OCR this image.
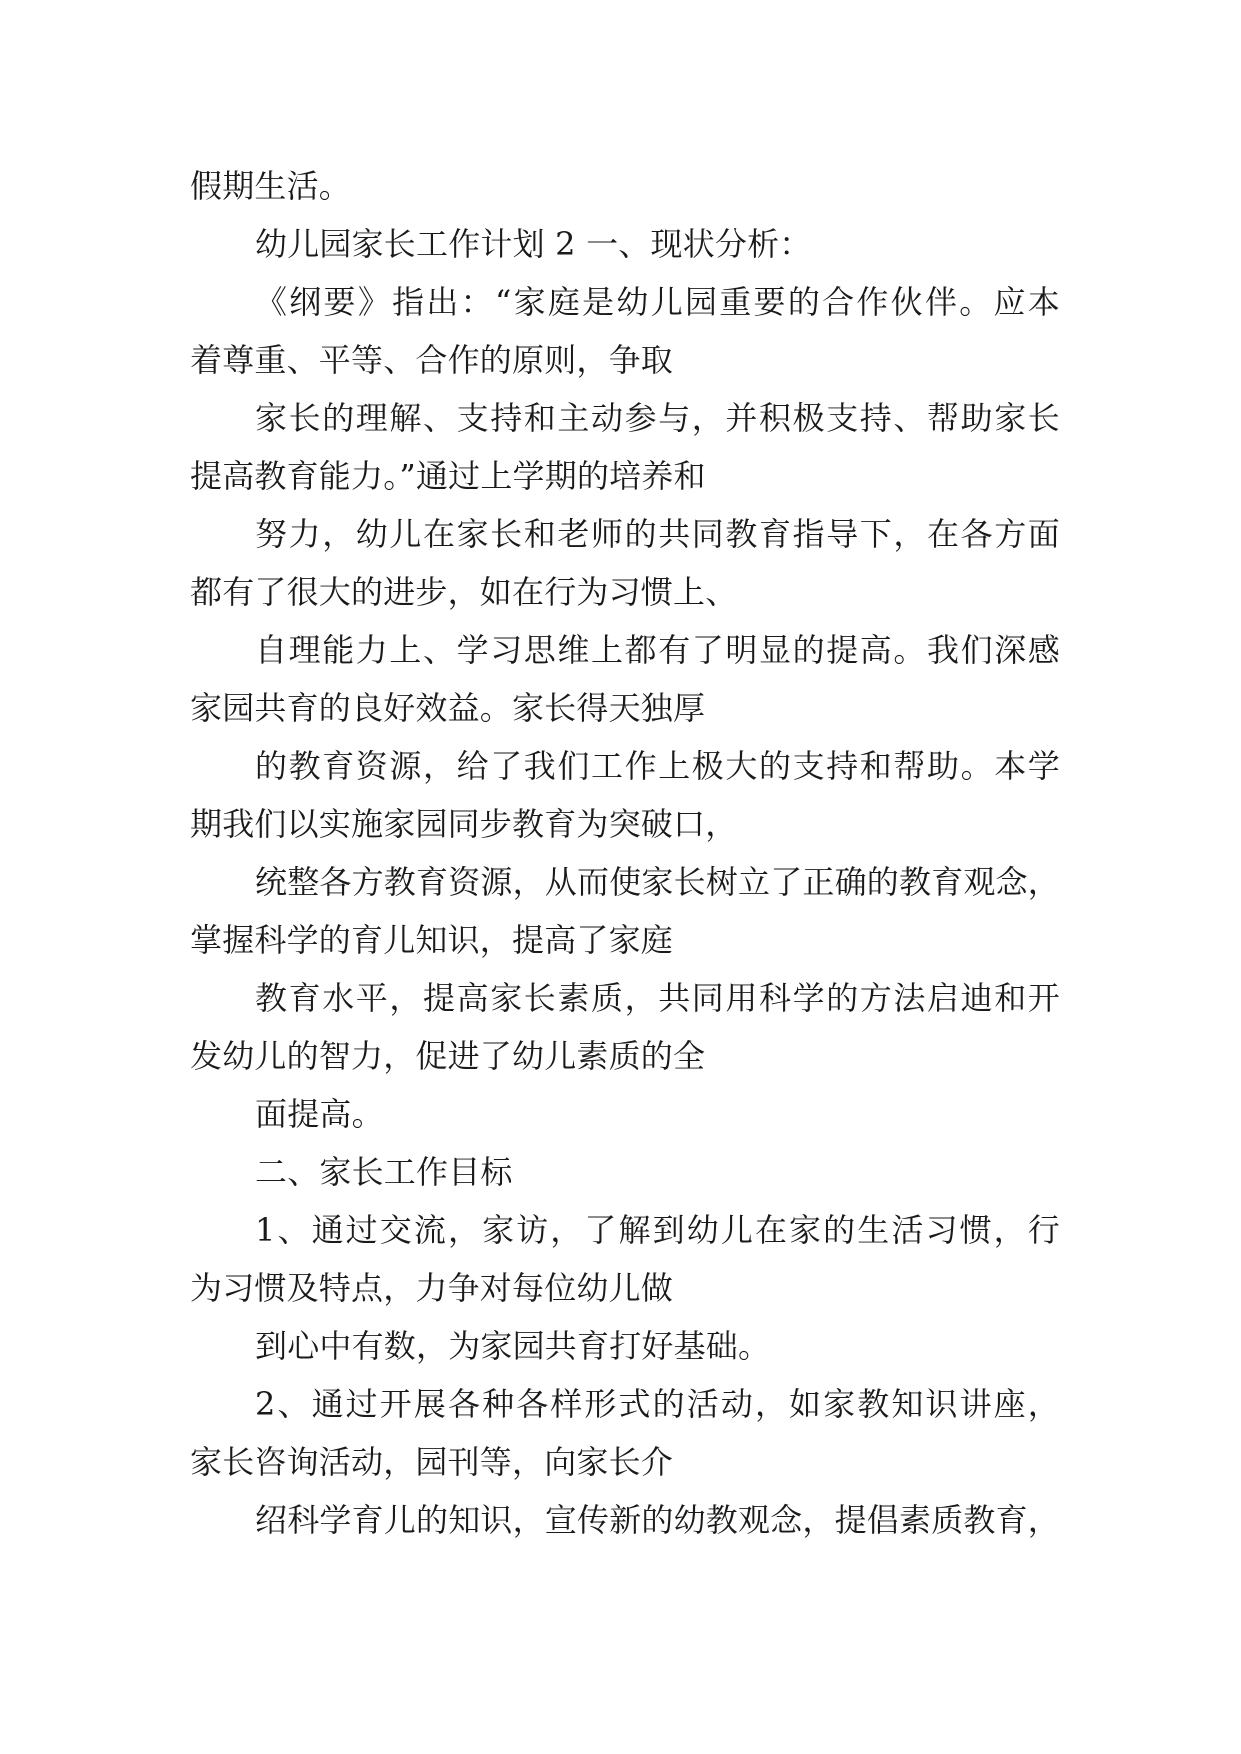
假期生活。
幼儿园家长工作计划 2 一、现状分析：
《纲要》指出：“家庭是幼儿园重要的合作伙伴。应本
着尊重、平等、合作的原则，争取
家长的理解、支持和主动参与，并积极支持、帮助家长
提高教育能力。”通过上学期的培养和
努力，幼儿在家长和老师的共同教育指导下，在各方面
都有了很大的进步，如在行为习惯上、
自理能力上、学习思维上都有了明显的提高。我们深感
家园共育的良好效益。家长得天独厚
的教育资源，给了我们工作上极大的支持和帮助。本学
期我们以实施家园同步教育为突破口，
统整各方教育资源，从而使家长树立了正确的教育观念，
掌握科学的育儿知识，提高了家庭
教育水平，提高家长素质，共同用科学的方法启迪和开
发幼儿的智力，促进了幼儿素质的全
面提高。
二、家长工作目标
1、通过交流，家访，了解到幼儿在家的生活习惯，行
为习惯及特点，力争对每位幼儿做
到心中有数，为家园共育打好基础。
2、通过开展各种各样形式的活动，如家教知识讲座，
家长咨询活动，园刊等，向家长介
绍科学育儿的知识，宣传新的幼教观念，提倡素质教育，
